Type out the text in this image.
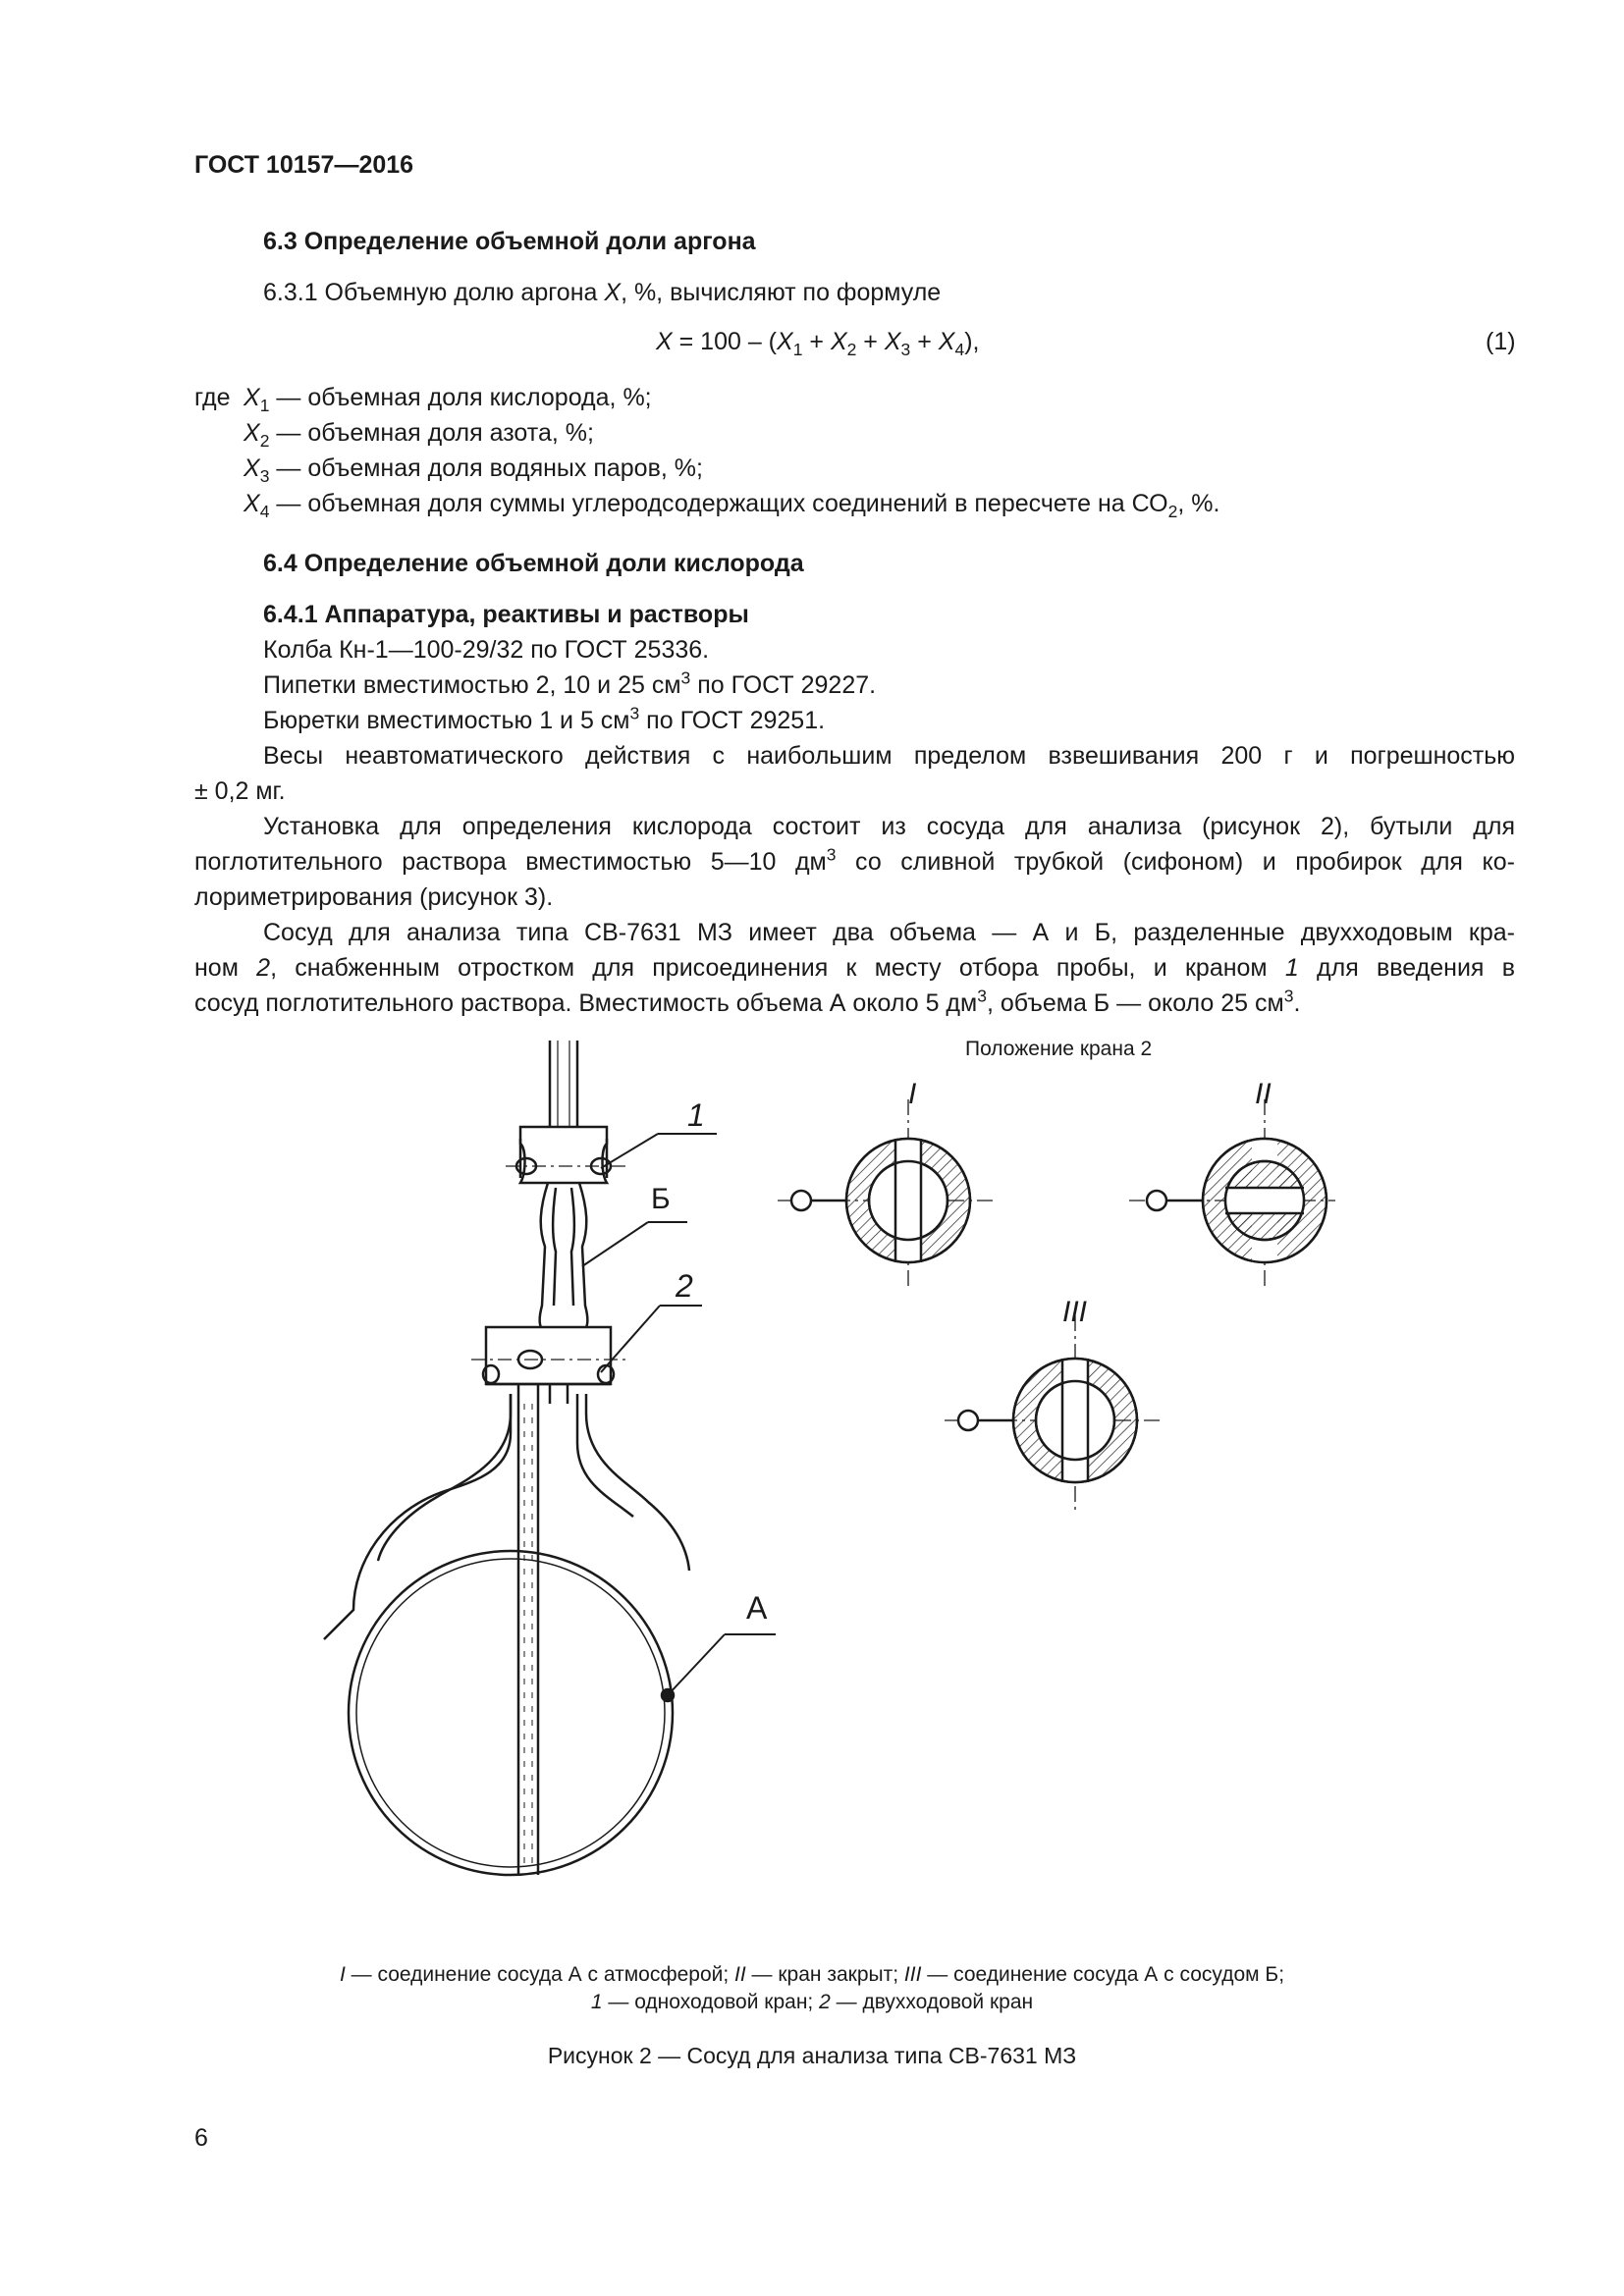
ГОСТ 10157—2016
6.3 Определение объемной доли аргона
6.3.1 Объемную долю аргона X, %, вычисляют по формуле
$X = 100 - (X_1 + X_2 + X_3 + X_4)$,	(1)
где $X_1$ — объемная доля кислорода, %;
$X_2$ — объемная доля азота, %;
$X_3$ — объемная доля водяных паров, %;
$X_4$ — объемная доля суммы углеродсодержащих соединений в пересчете на $СО_2$, %.
6.4 Определение объемной доли кислорода
6.4.1 Аппаратура, реактивы и растворы
Колба Кн-1—100-29/32 по ГОСТ 25336.
Пипетки вместимостью 2, 10 и 25 $см^3$ по ГОСТ 29227.
Бюретки вместимостью 1 и 5 $см^3$ по ГОСТ 29251.
Весы неавтоматического действия с наибольшим пределом взвешивания 200 г и погрешностью
± 0,2 мг.
Установка для определения кислорода состоит из сосуда для анализа (рисунок 2), бутыли для
поглотительного раствора вместимостью 5—10 $дм^3$ со сливной трубкой (сифоном) и пробирок для ко-
лориметрирования (рисунок 3).
Сосуд для анализа типа СВ-7631 МЗ имеет два объема — А и Б, разделенные двухходовым кра-
ном 2, снабженным отростком для присоединения к месту отбора пробы, и краном 1 для введения в
сосуд поглотительного раствора. Вместимость объема А около 5 $дм^3$, объема Б — около 25 $см^3$.
Положение крана 2
I	II
III
1
Б
2
А
I — соединение сосуда А с атмосферой; II — кран закрыт; III — соединение сосуда А с сосудом Б;
1 — одноходовой кран; 2 — двухходовой кран
Рисунок 2 — Сосуд для анализа типа СВ-7631 МЗ
6
